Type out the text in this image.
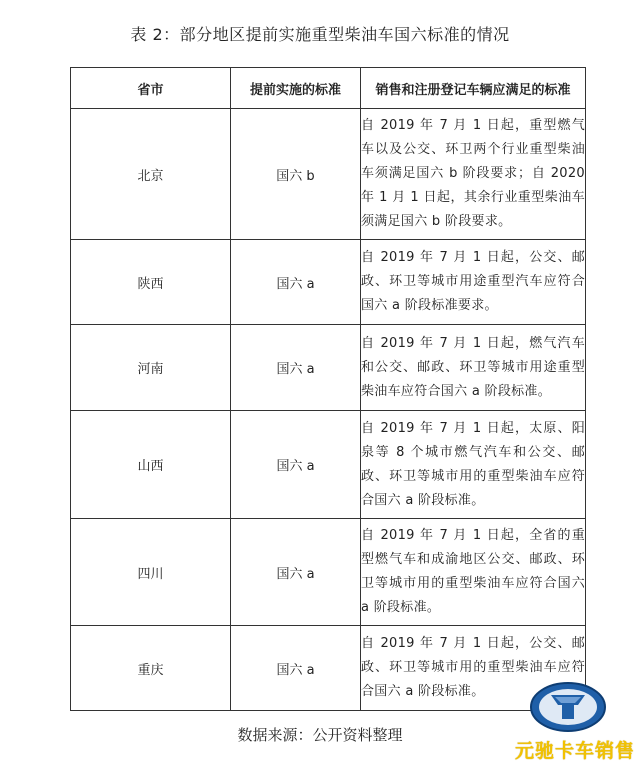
表 2：部分地区提前实施重型柴油车国六标准的情况
省市	提前实施的标准	销售和注册登记车辆应满足的标准
北京	国六 b	自 2019 年 7 月 1 日起，重型燃气车以及公交、环卫两个行业重型柴油车须满足国六 b 阶段要求；自 2020 年 1 月 1 日起，其余行业重型柴油车须满足国六 b 阶段要求。
陕西	国六 a	自 2019 年 7 月 1 日起，公交、邮政、环卫等城市用途重型汽车应符合国六 a 阶段标准要求。
河南	国六 a	自 2019 年 7 月 1 日起，燃气汽车和公交、邮政、环卫等城市用途重型柴油车应符合国六 a 阶段标准。
山西	国六 a	自 2019 年 7 月 1 日起，太原、阳泉等 8 个城市燃气汽车和公交、邮政、环卫等城市用的重型柴油车应符合国六 a 阶段标准。
四川	国六 a	自 2019 年 7 月 1 日起，全省的重型燃气车和成渝地区公交、邮政、环卫等城市用的重型柴油车应符合国六 a 阶段标准。
重庆	国六 a	自 2019 年 7 月 1 日起，公交、邮政、环卫等城市用的重型柴油车应符合国六 a 阶段标准。
数据来源：公开资料整理
元驰卡车销售
